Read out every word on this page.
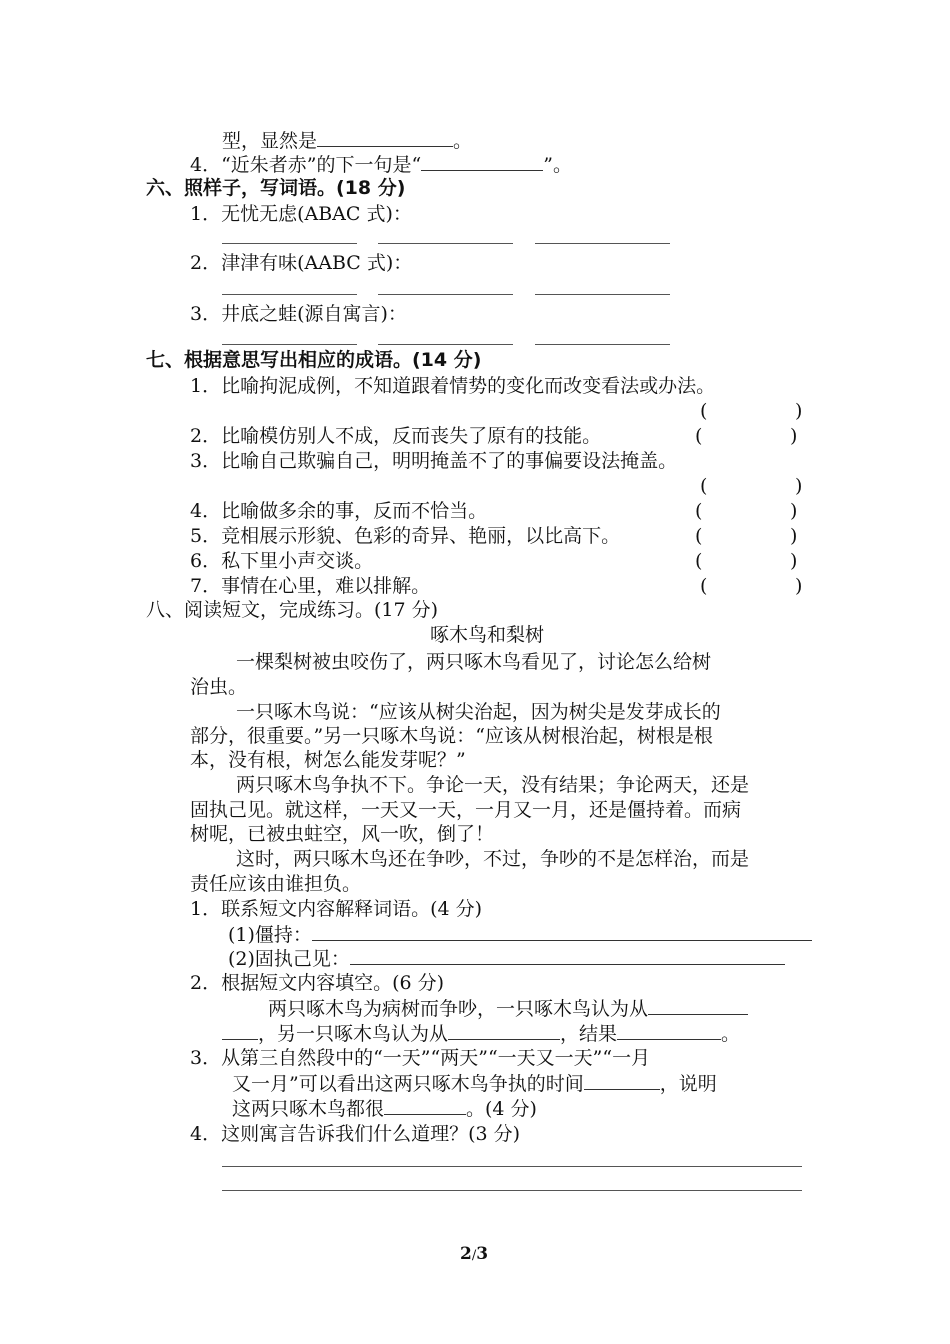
型，显然是	。
4．“近朱者赤”的下一句是“	”。
六、照样子，写词语。(18 分)
1．无忧无虑(ABAC 式)：
2．津津有味(AABC 式)：
3．井底之蛙(源自寓言)：
七、根据意思写出相应的成语。(14 分)
1．比喻拘泥成例，不知道跟着情势的变化而改变看法或办法。
(	)
2．比喻模仿别人不成，反而丧失了原有的技能。	(	)
3．比喻自己欺骗自己，明明掩盖不了的事偏要设法掩盖。
(	)
4．比喻做多余的事，反而不恰当。	(	)
5．竞相展示形貌、色彩的奇异、艳丽，以比高下。	(	)
6．私下里小声交谈。	(	)
7．事情在心里，难以排解。	(	)
八、阅读短文，完成练习。(17 分)
啄木鸟和梨树
一棵梨树被虫咬伤了，两只啄木鸟看见了，讨论怎么给树
治虫。
一只啄木鸟说：“应该从树尖治起，因为树尖是发芽成长的
部分，很重要。”另一只啄木鸟说：“应该从树根治起，树根是根
本，没有根，树怎么能发芽呢？”
两只啄木鸟争执不下。争论一天，没有结果；争论两天，还是
固执己见。就这样，一天又一天，一月又一月，还是僵持着。而病
树呢，已被虫蛀空，风一吹，倒了！
这时，两只啄木鸟还在争吵，不过，争吵的不是怎样治，而是
责任应该由谁担负。
1．联系短文内容解释词语。(4 分)
(1)僵持：
(2)固执己见：
2．根据短文内容填空。(6 分)
两只啄木鸟为病树而争吵，一只啄木鸟认为从
，另一只啄木鸟认为从	，结果	。
3．从第三自然段中的“一天”“两天”“一天又一天”“一月
又一月”可以看出这两只啄木鸟争执的时间	，说明
这两只啄木鸟都很	。(4 分)
4．这则寓言告诉我们什么道理？(3 分)
2/3
